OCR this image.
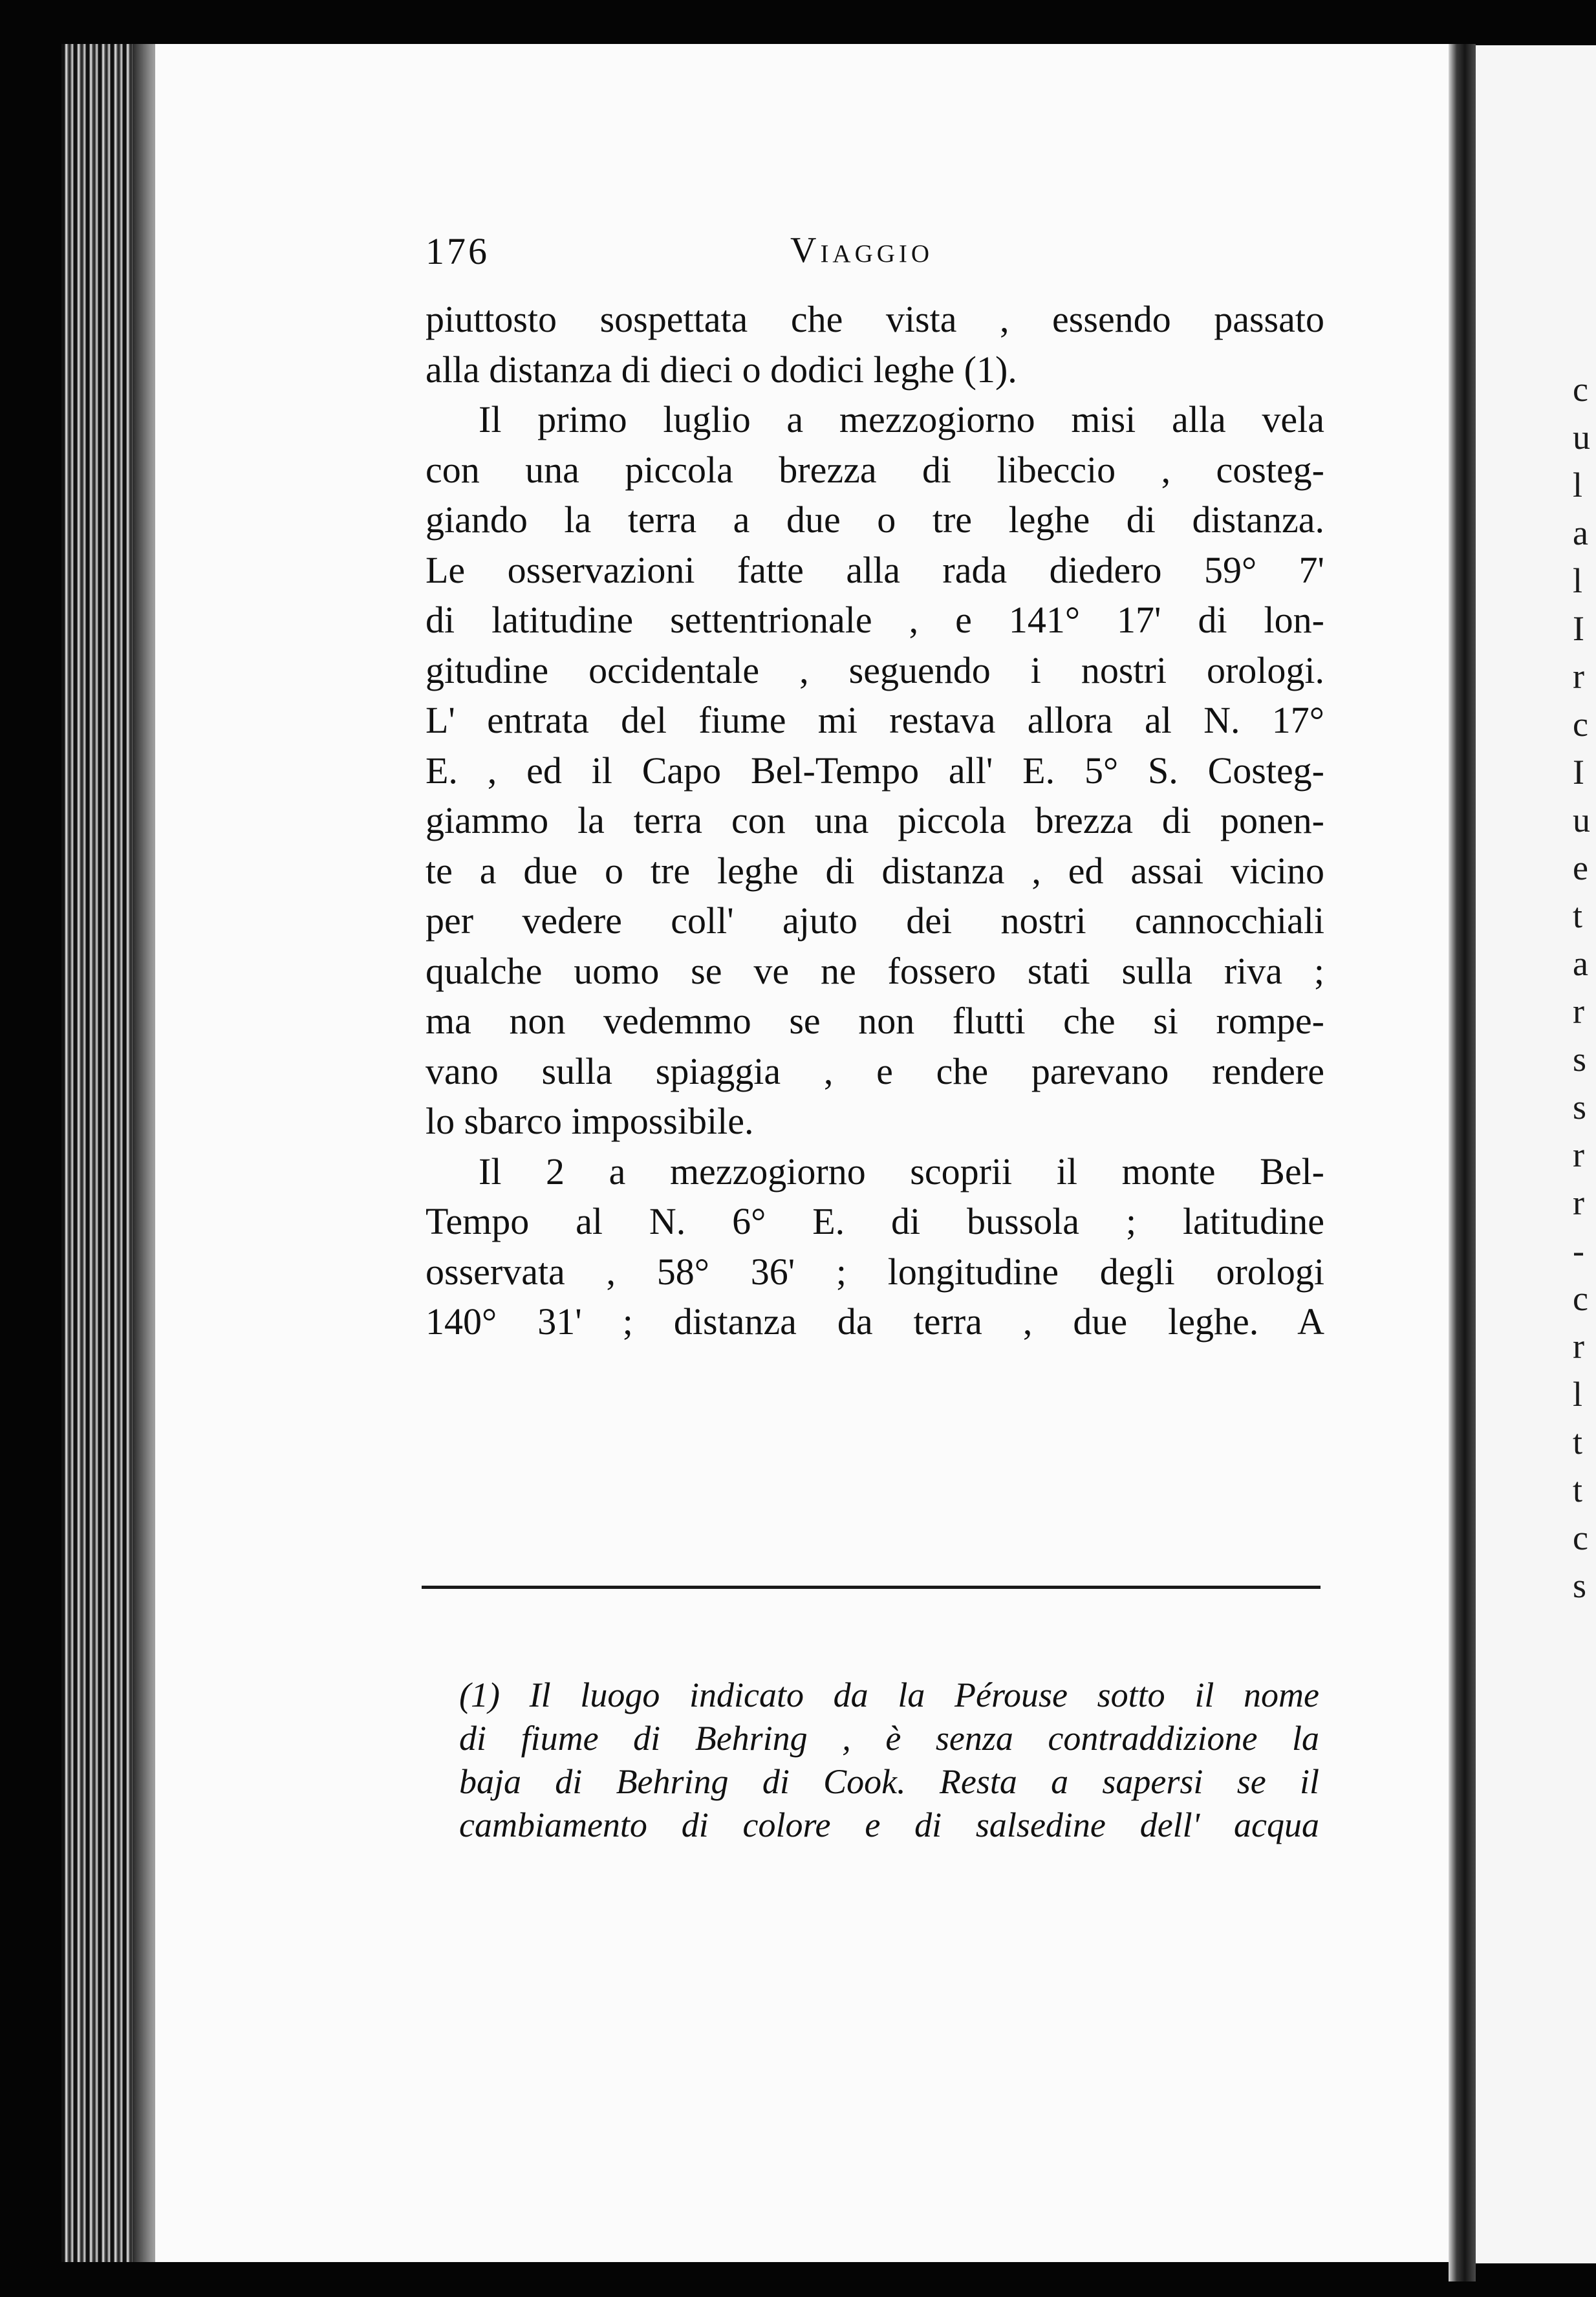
176	Viaggio
piuttosto sospettata che vista , essendo passato
alla distanza di dieci o dodici leghe (1).
Il primo luglio a mezzogiorno misi alla vela
con una piccola brezza di libeccio , costeg-
giando la terra a due o tre leghe di distanza.
Le osservazioni fatte alla rada diedero 59° 7'
di latitudine settentrionale , e 141° 17' di lon-
gitudine occidentale , seguendo i nostri orologi.
L' entrata del fiume mi restava allora al N. 17°
E. , ed il Capo Bel-Tempo all' E. 5° S. Costeg-
giammo la terra con una piccola brezza di ponen-
te a due o tre leghe di distanza , ed assai vicino
per vedere coll' ajuto dei nostri cannocchiali
qualche uomo se ve ne fossero stati sulla riva ;
ma non vedemmo se non flutti che si rompe-
vano sulla spiaggia , e che parevano rendere
lo sbarco impossibile.
Il 2 a mezzogiorno scoprii il monte Bel-
Tempo al N. 6° E. di bussola ; latitudine
osservata , 58° 36' ; longitudine degli orologi
140° 31' ; distanza da terra , due leghe. A
(1) Il luogo indicato da la Pérouse sotto il nome
di fiume di Behring , è senza contraddizione la
baja di Behring di Cook. Resta a sapersi se il
cambiamento di colore e di salsedine dell' acqua
c
u
l
a
l
I
r
c
I
u
e
t
a
r
s
s
r
r
-
c
r
l
t
t
c
s
